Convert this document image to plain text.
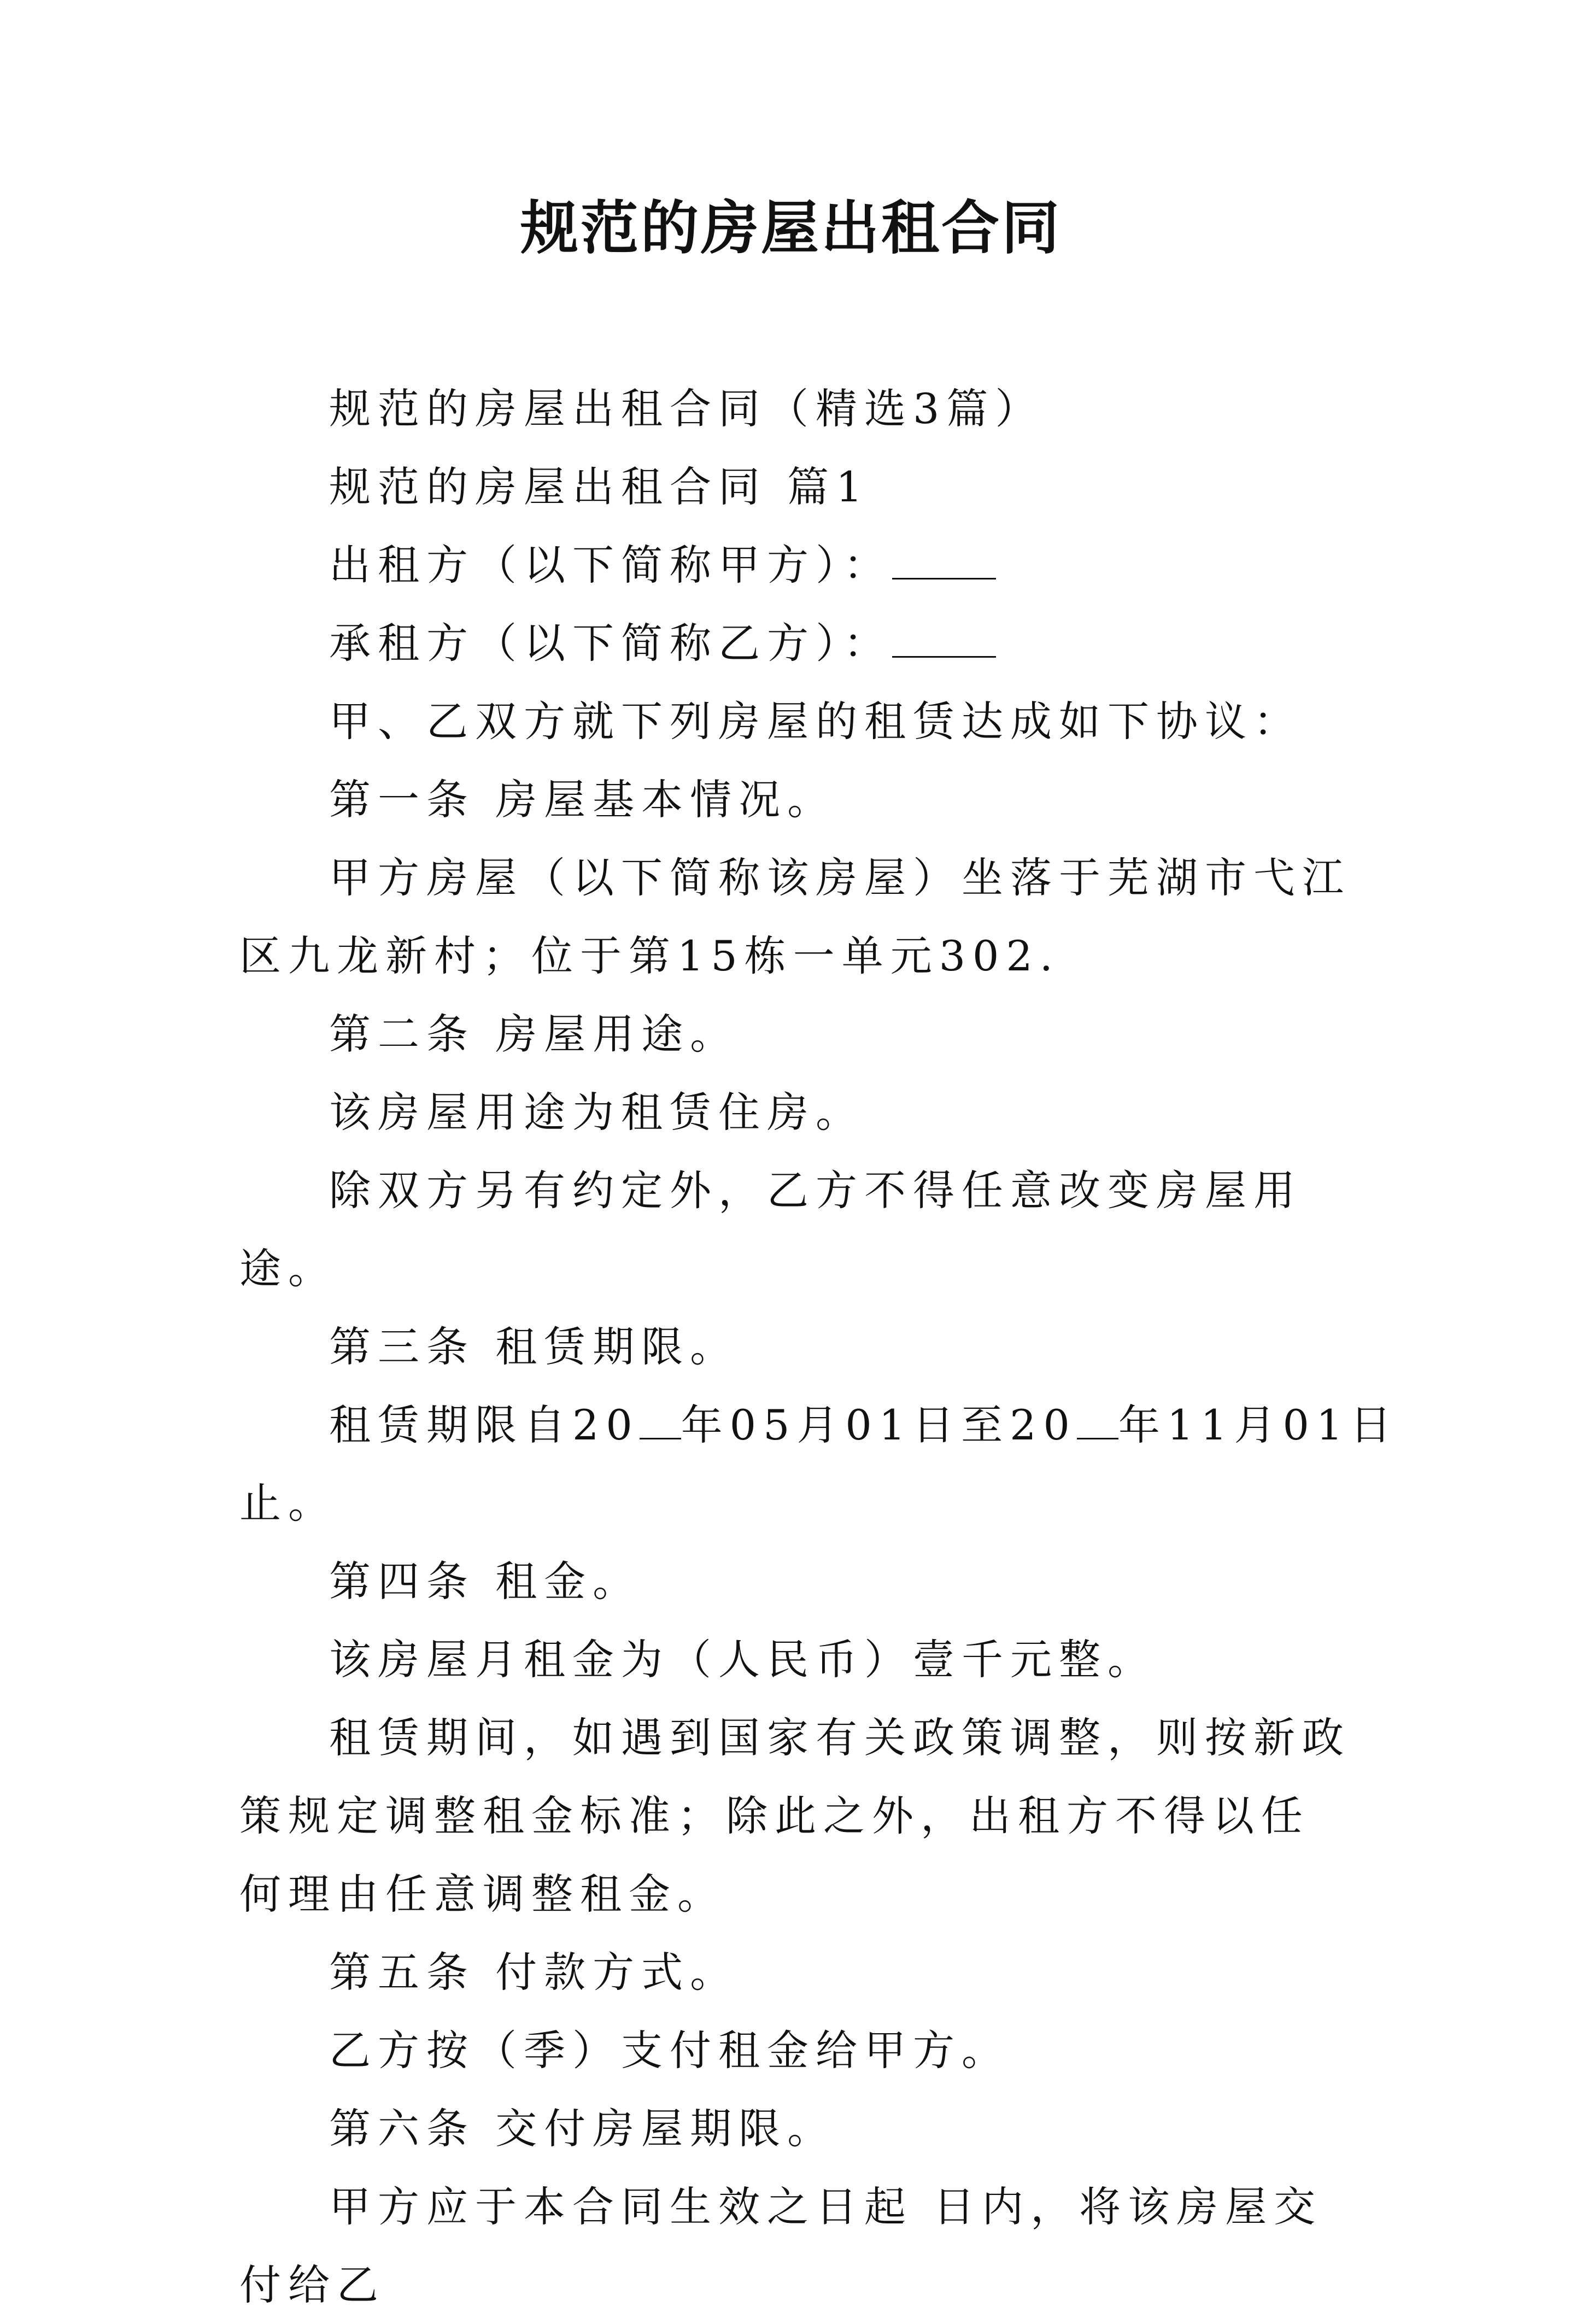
规范的房屋出租合同

规范的房屋出租合同（精选3篇）

规范的房屋出租合同 篇1

出租方（以下简称甲方）：

承租方（以下简称乙方）：

甲、乙双方就下列房屋的租赁达成如下协议：

第一条 房屋基本情况。

甲方房屋（以下简称该房屋）坐落于芜湖市弋江区九龙新村；位于第15栋一单元302.

第二条 房屋用途。

该房屋用途为租赁住房。

除双方另有约定外，乙方不得任意改变房屋用途。

第三条 租赁期限。

租赁期限自20 年05月01日至20 年11月01日止。

第四条 租金。

该房屋月租金为（人民币）壹千元整。

租赁期间，如遇到国家有关政策调整，则按新政策规定调整租金标准；除此之外，出租方不得以任何理由任意调整租金。

第五条 付款方式。

乙方按（季）支付租金给甲方。

第六条 交付房屋期限。

甲方应于本合同生效之日起 日内，将该房屋交付给乙
